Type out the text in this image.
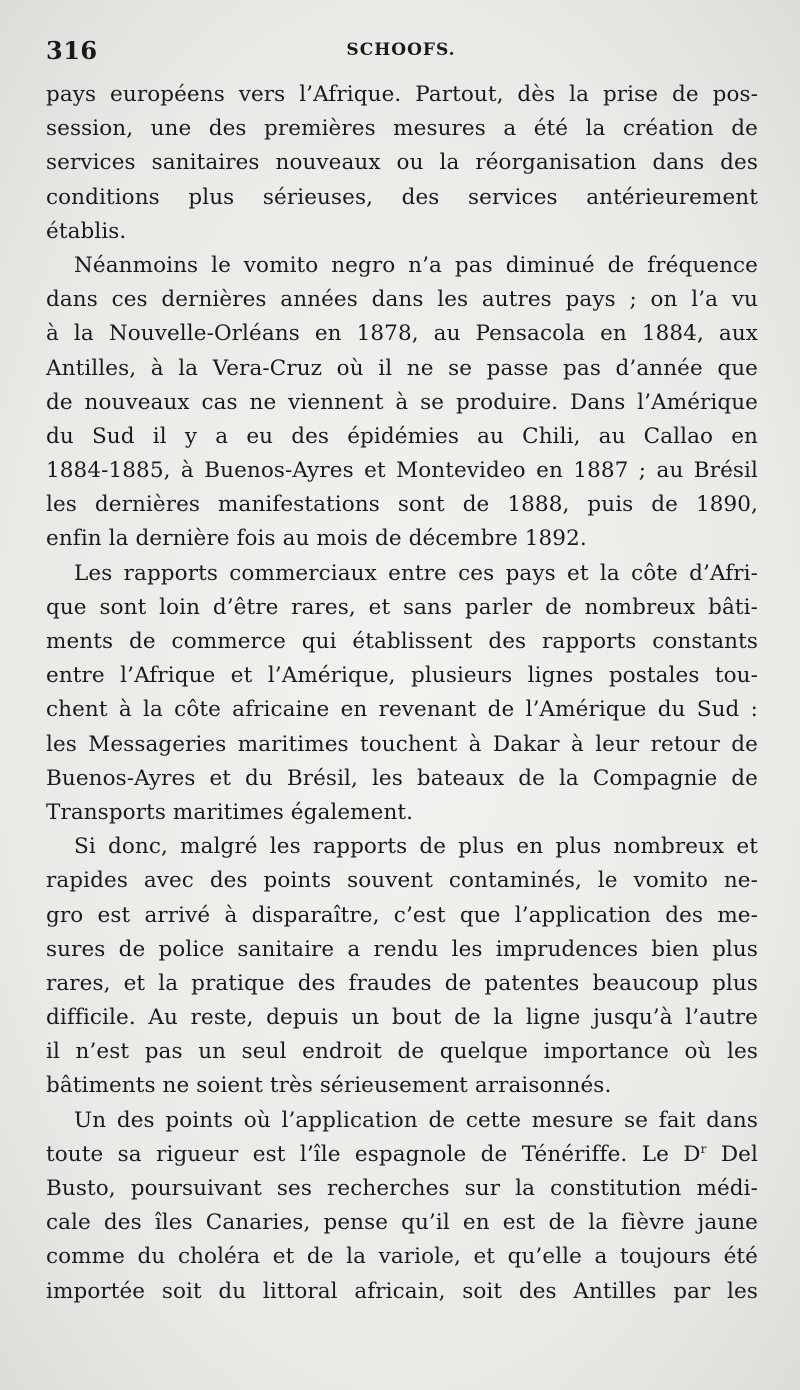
316	SCHOOFS.

pays européens vers l’Afrique. Partout, dès la prise de pos-
session, une des premières mesures a été la création de
services sanitaires nouveaux ou la réorganisation dans des
conditions plus sérieuses, des services antérieurement
établis.

Néanmoins le vomito negro n’a pas diminué de fréquence
dans ces dernières années dans les autres pays ; on l’a vu
à la Nouvelle-Orléans en 1878, au Pensacola en 1884, aux
Antilles, à la Vera-Cruz où il ne se passe pas d’année que
de nouveaux cas ne viennent à se produire. Dans l’Amérique
du Sud il y a eu des épidémies au Chili, au Callao en
1884-1885, à Buenos-Ayres et Montevideo en 1887 ; au Brésil
les dernières manifestations sont de 1888, puis de 1890,
enfin la dernière fois au mois de décembre 1892.

Les rapports commerciaux entre ces pays et la côte d’Afri-
que sont loin d’être rares, et sans parler de nombreux bâti-
ments de commerce qui établissent des rapports constants
entre l’Afrique et l’Amérique, plusieurs lignes postales tou-
chent à la côte africaine en revenant de l’Amérique du Sud :
les Messageries maritimes touchent à Dakar à leur retour de
Buenos-Ayres et du Brésil, les bateaux de la Compagnie de
Transports maritimes également.

Si donc, malgré les rapports de plus en plus nombreux et
rapides avec des points souvent contaminés, le vomito ne-
gro est arrivé à disparaître, c’est que l’application des me-
sures de police sanitaire a rendu les imprudences bien plus
rares, et la pratique des fraudes de patentes beaucoup plus
difficile. Au reste, depuis un bout de la ligne jusqu’à l’autre
il n’est pas un seul endroit de quelque importance où les
bâtiments ne soient très sérieusement arraisonnés.

Un des points où l’application de cette mesure se fait dans
toute sa rigueur est l’île espagnole de Ténériffe. Le $D^r$ Del
Busto, poursuivant ses recherches sur la constitution médi-
cale des îles Canaries, pense qu’il en est de la fièvre jaune
comme du choléra et de la variole, et qu’elle a toujours été
importée soit du littoral africain, soit des Antilles par les
